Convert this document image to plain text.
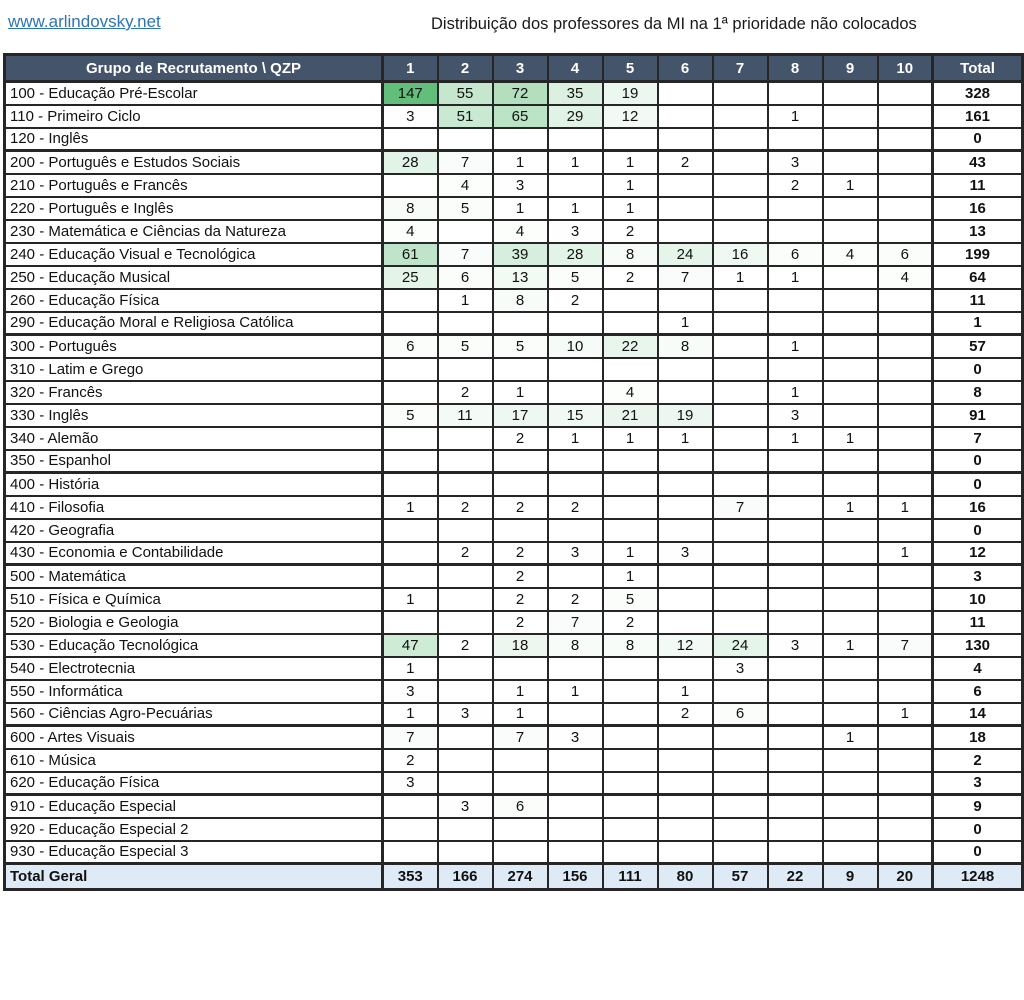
www.arlindovsky.net	Distribuição dos professores da MI na 1ª prioridade não colocados
Grupo de Recrutamento \ QZP	1	2	3	4	5	6	7	8	9	10	Total
100 - Educação Pré-Escolar	147	55	72	35	19						328
110 - Primeiro Ciclo	3	51	65	29	12			1			161
120 - Inglês											0
200 - Português e Estudos Sociais	28	7	1	1	1	2		3			43
210 - Português e Francês		4	3		1			2	1		11
220 - Português e Inglês	8	5	1	1	1						16
230 - Matemática e Ciências da Natureza	4		4	3	2						13
240 - Educação Visual e Tecnológica	61	7	39	28	8	24	16	6	4	6	199
250 - Educação Musical	25	6	13	5	2	7	1	1		4	64
260 - Educação Física		1	8	2							11
290 - Educação Moral e Religiosa Católica						1					1
300 - Português	6	5	5	10	22	8		1			57
310 - Latim e Grego											0
320 - Francês		2	1		4			1			8
330 - Inglês	5	11	17	15	21	19		3			91
340 - Alemão			2	1	1	1		1	1		7
350 - Espanhol											0
400 - História											0
410 - Filosofia	1	2	2	2			7		1	1	16
420 - Geografia											0
430 - Economia e Contabilidade		2	2	3	1	3				1	12
500 - Matemática			2		1						3
510 - Física e Química	1		2	2	5						10
520 - Biologia e Geologia			2	7	2						11
530 - Educação Tecnológica	47	2	18	8	8	12	24	3	1	7	130
540 - Electrotecnia	1						3				4
550 - Informática	3		1	1		1					6
560 - Ciências Agro-Pecuárias	1	3	1			2	6			1	14
600 - Artes Visuais	7		7	3					1		18
610 - Música	2										2
620 - Educação Física	3										3
910 - Educação Especial		3	6								9
920 - Educação Especial 2											0
930 - Educação Especial 3											0
Total Geral	353	166	274	156	111	80	57	22	9	20	1248
